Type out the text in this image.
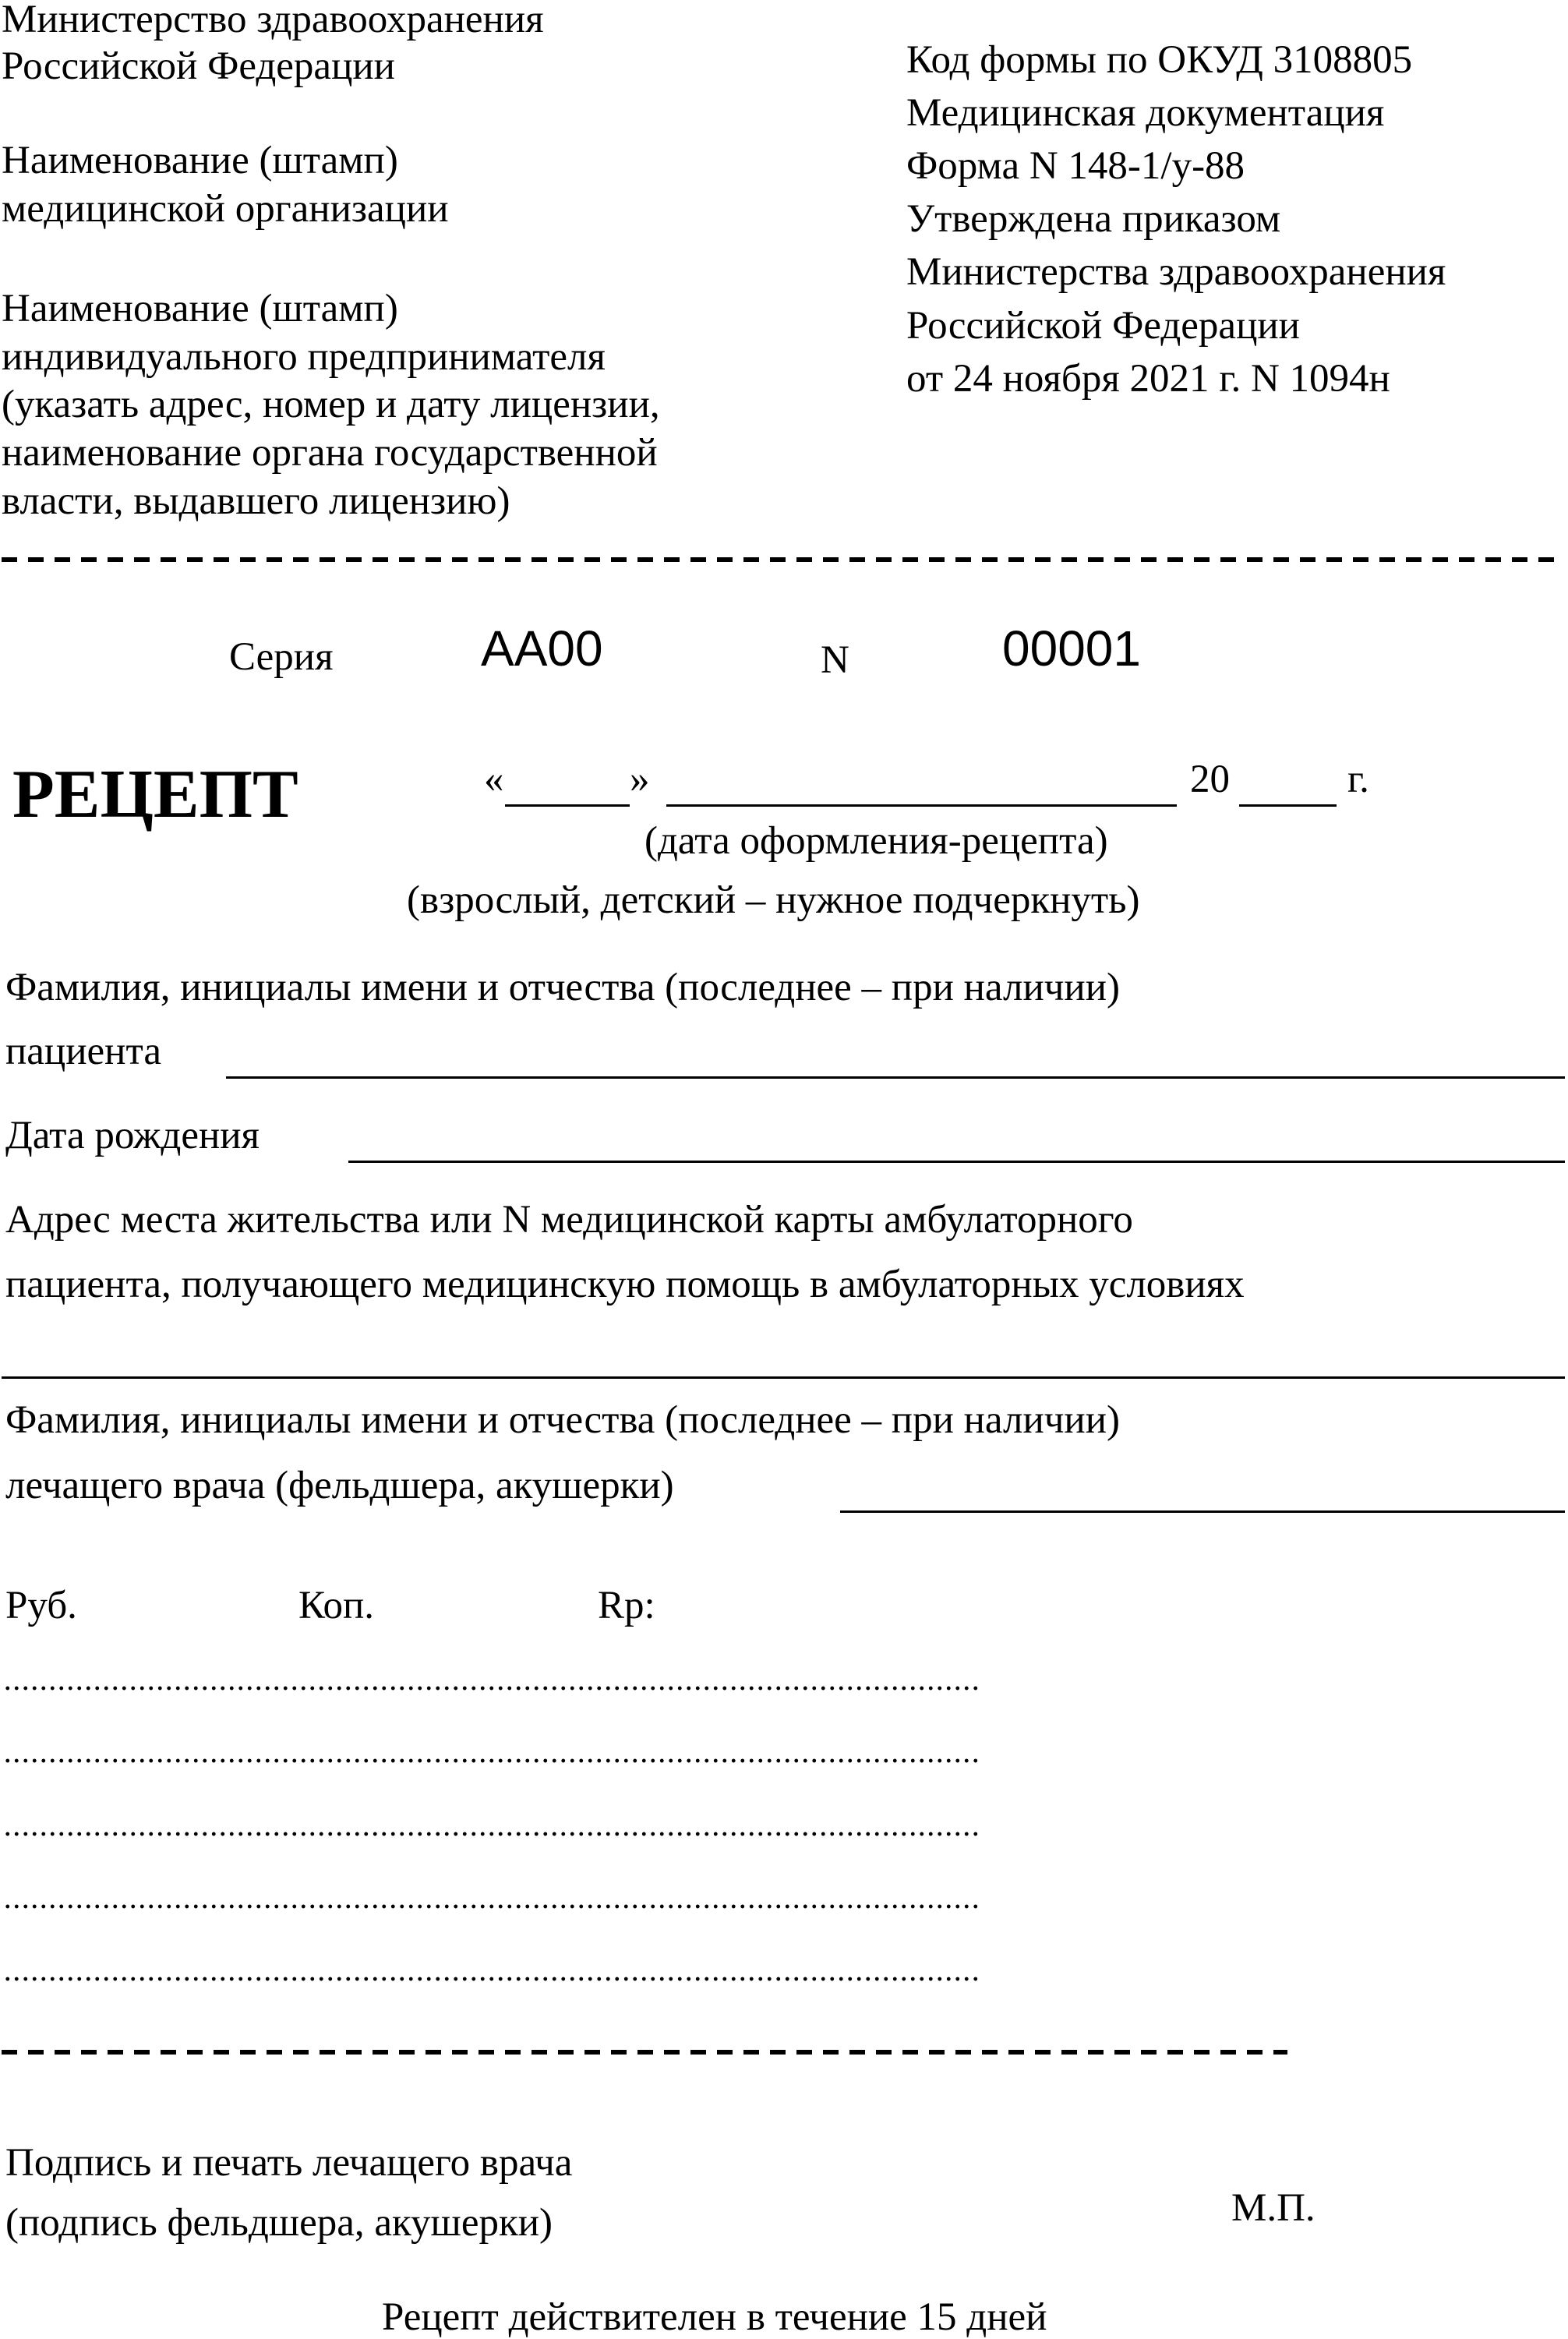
Министерство здравоохранения
Российской Федерации
Наименование (штамп)
медицинской организации
Наименование (штамп)
индивидуального предпринимателя
(указать адрес, номер и дату лицензии,
наименование органа государственной
власти, выдавшего лицензию)
Код формы по ОКУД 3108805
Медицинская документация
Форма N 148-1/у-88
Утверждена приказом
Министерства здравоохранения
Российской Федерации
от 24 ноября 2021 г. N 1094н
Серия	АА00	N	00001
РЕЦЕПТ	«	»	20	г.
(дата оформления-рецепта)
(взрослый, детский – нужное подчеркнуть)
Фамилия, инициалы имени и отчества (последнее – при наличии)
пациента
Дата рождения
Адрес места жительства или N медицинской карты амбулаторного
пациента, получающего медицинскую помощь в амбулаторных условиях
Фамилия, инициалы имени и отчества (последнее – при наличии)
лечащего врача (фельдшера, акушерки)
Руб.	Коп.	Rp:
Подпись и печать лечащего врача
(подпись фельдшера, акушерки)	М.П.
Рецепт действителен в течение 15 дней
